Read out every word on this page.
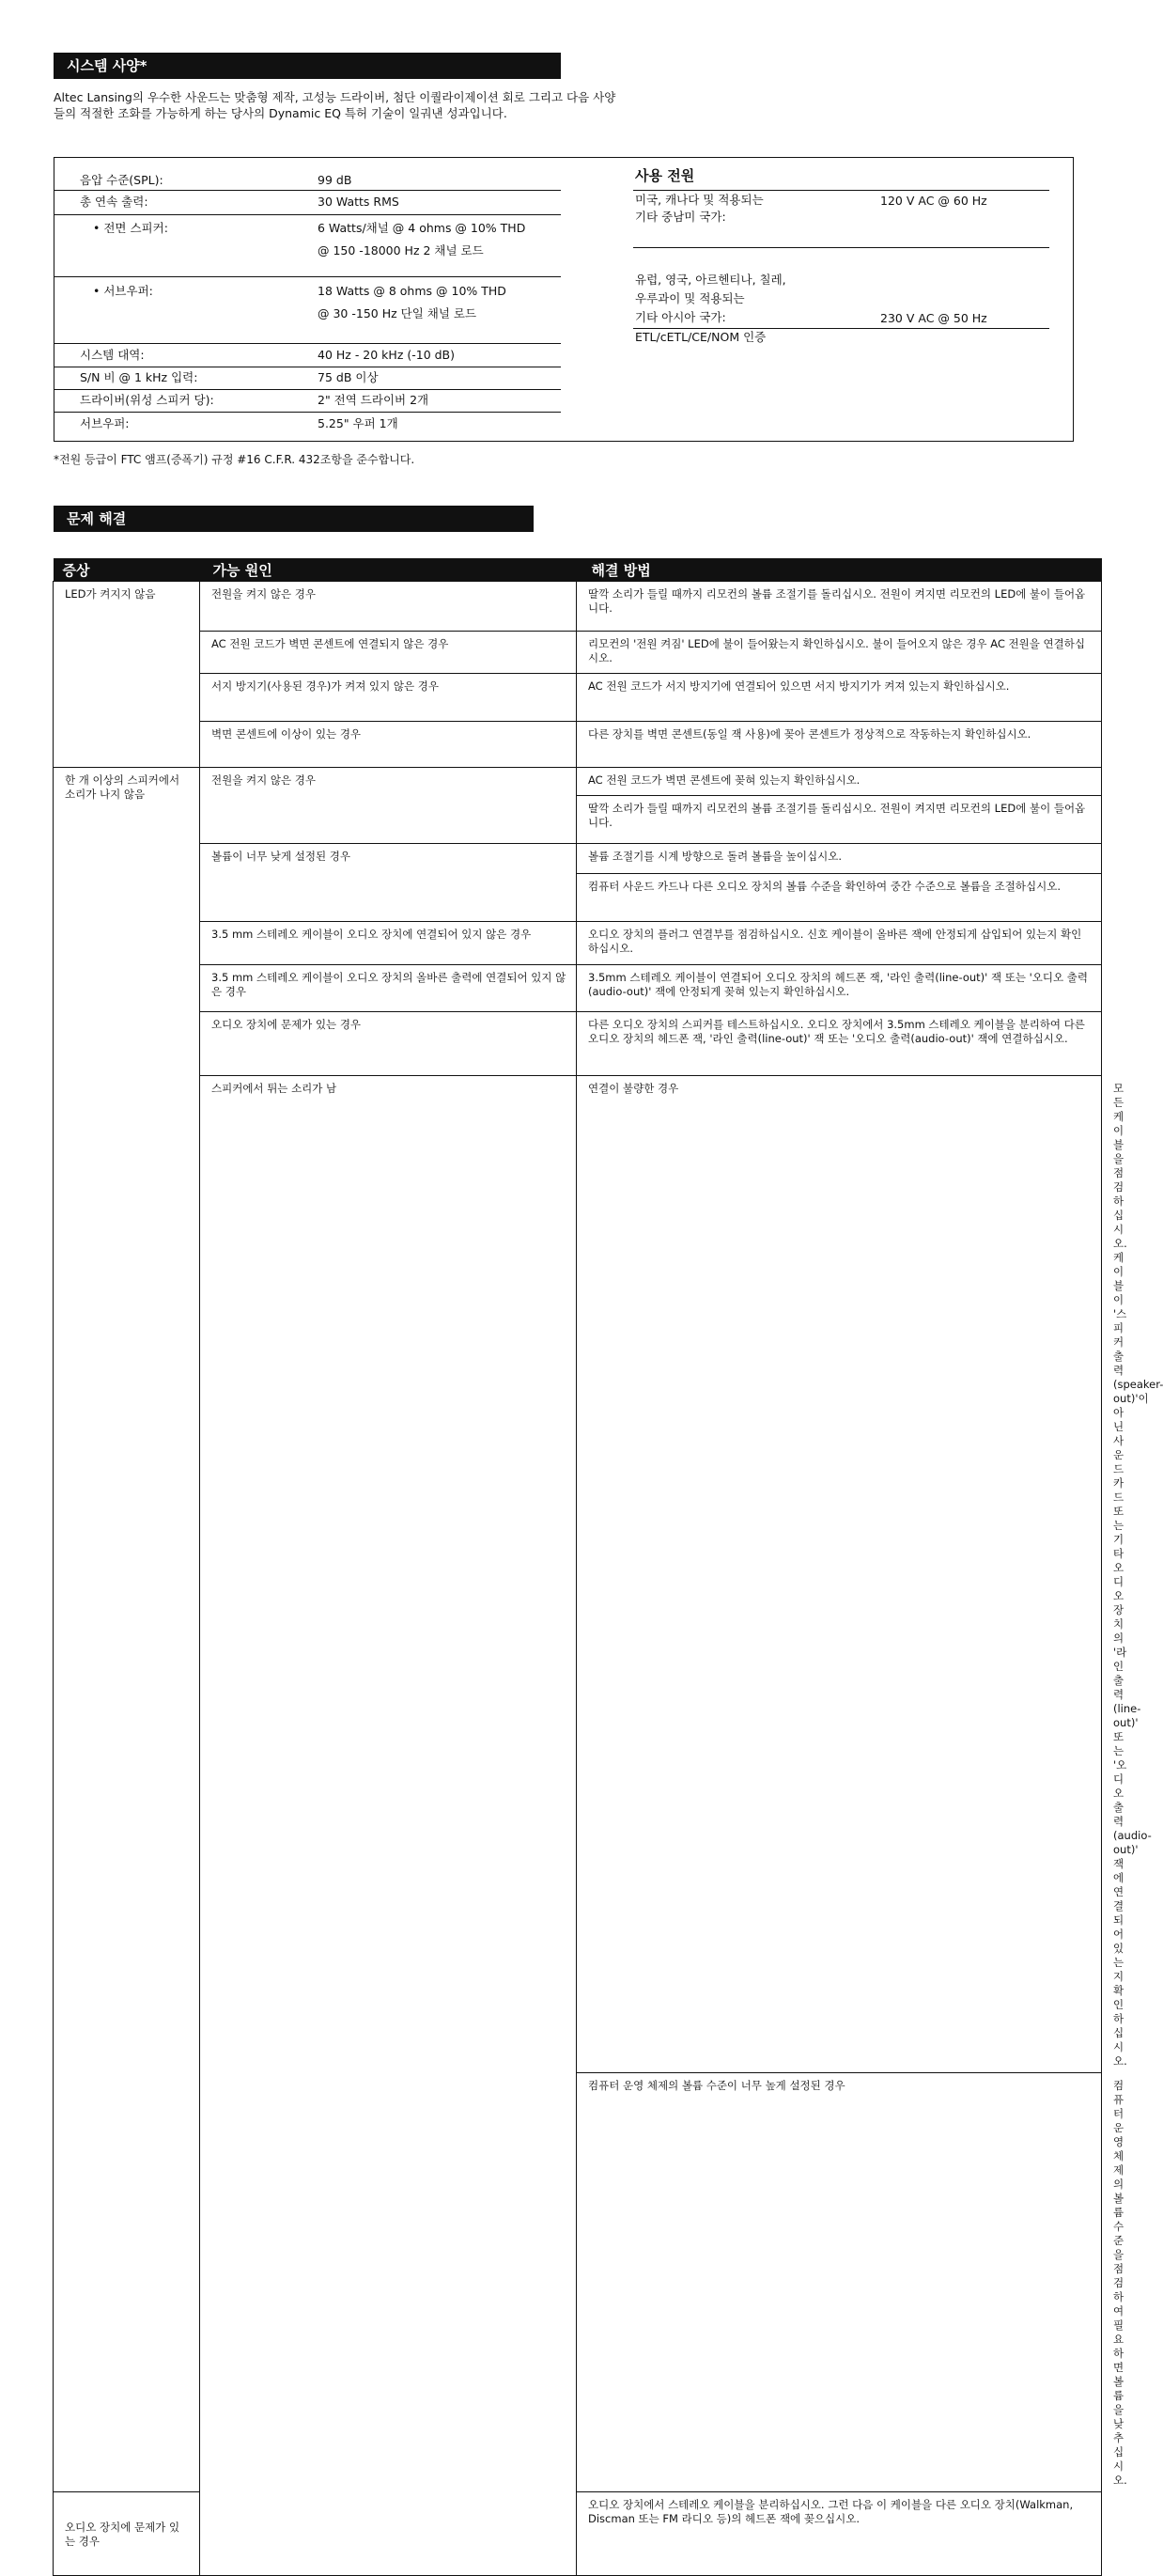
시스템 사양*
Altec Lansing의 우수한 사운드는 맞춤형 제작, 고성능 드라이버, 첨단 이퀄라이제이션 회로 그리고 다음 사양들의 적절한 조화를 가능하게 하는 당사의 Dynamic EQ 특허 기술이 일궈낸 성과입니다.
음압 수준(SPL):	99 dB
총 연속 출력:	30 Watts RMS
• 전면 스피커:	6 Watts/채널 @ 4 ohms @ 10% THD
@ 150 -18000 Hz 2 채널 로드
• 서브우퍼:	18 Watts @ 8 ohms @ 10% THD
@ 30 -150 Hz 단일 채널 로드
시스템 대역:	40 Hz - 20 kHz (-10 dB)
S/N 비 @ 1 kHz 입력:	75 dB 이상
드라이버(위성 스피커 당):	2" 전역 드라이버 2개
서브우퍼:	5.25" 우퍼 1개
사용 전원
미국, 캐나다 및 적용되는
기타 중남미 국가:
120 V AC @ 60 Hz
유럽, 영국, 아르헨티나, 칠레,
우루과이 및 적용되는
기타 아시아 국가:	230 V AC @ 50 Hz
ETL/cETL/CE/NOM 인증
*전원 등급이 FTC 앰프(증폭기) 규정 #16 C.F.R. 432조항을 준수합니다.
문제 해결
증상	가능 원인	해결 방법	
LED가 켜지지 않음	전원을 켜지 않은 경우	딸깍 소리가 들릴 때까지 리모컨의 볼륨 조절기를 돌리십시오. 전원이 켜지면 리모컨의 LED에 불이 들어옵니다.	
	AC 전원 코드가 벽면 콘센트에 연결되지 않은 경우	리모컨의 '전원 켜짐' LED에 불이 들어왔는지 확인하십시오. 불이 들어오지 않은 경우 AC 전원을 연결하십시오.	
	서지 방지기(사용된 경우)가 켜져 있지 않은 경우	AC 전원 코드가 서지 방지기에 연결되어 있으면 서지 방지기가 켜져 있는지 확인하십시오.	
	벽면 콘센트에 이상이 있는 경우	다른 장치를 벽면 콘센트(동일 잭 사용)에 꽂아 콘센트가 정상적으로 작동하는지 확인하십시오.	
한 개 이상의 스피커에서 소리가 나지 않음	전원을 켜지 않은 경우	AC 전원 코드가 벽면 콘센트에 꽂혀 있는지 확인하십시오.	
		딸깍 소리가 들릴 때까지 리모컨의 볼륨 조절기를 돌리십시오. 전원이 켜지면 리모컨의 LED에 불이 들어옵니다.	
	볼륨이 너무 낮게 설정된 경우	볼륨 조절기를 시계 방향으로 돌려 볼륨을 높이십시오.	
		컴퓨터 사운드 카드나 다른 오디오 장치의 볼륨 수준을 확인하여 중간 수준으로 볼륨을 조절하십시오.	
	3.5 mm 스테레오 케이블이 오디오 장치에 연결되어 있지 않은 경우	오디오 장치의 플러그 연결부를 점검하십시오. 신호 케이블이 올바른 잭에 안정되게 삽입되어 있는지 확인하십시오.	
	3.5 mm 스테레오 케이블이 오디오 장치의 올바른 출력에 연결되어 있지 않은 경우	3.5mm 스테레오 케이블이 연결되어 오디오 장치의 헤드폰 잭, '라인 출력(line-out)' 잭 또는 '오디오 출력(audio-out)' 잭에 안정되게 꽂혀 있는지 확인하십시오.	
	오디오 장치에 문제가 있는 경우	다른 오디오 장치의 스피커를 테스트하십시오. 오디오 장치에서 3.5mm 스테레오 케이블을 분리하여 다른 오디오 장치의 헤드폰 잭, '라인 출력(line-out)' 잭 또는 '오디오 출력(audio-out)' 잭에 연결하십시오.	
	스피커에서 튀는 소리가 남	연결이 불량한 경우	모든 케이블을 점검하십시오. 케이블이 '스피커 출력(speaker-out)'이 아닌 사운드 카드 또는 기타 오디오 장치의 '라인 출력(line-out)' 또는 '오디오 출력(audio-out)' 잭에 연결되어 있는지 확인하십시오.
		컴퓨터 운영 체제의 볼륨 수준이 너무 높게 설정된 경우	컴퓨터 운영 체제의 볼륨 수준을 점검하여 필요하면 볼륨을 낮추십시오.
오디오 장치에 문제가 있는 경우		오디오 장치에서 스테레오 케이블을 분리하십시오. 그런 다음 이 케이블을 다른 오디오 장치(Walkman, Discman 또는 FM 라디오 등)의 헤드폰 잭에 꽂으십시오.	
